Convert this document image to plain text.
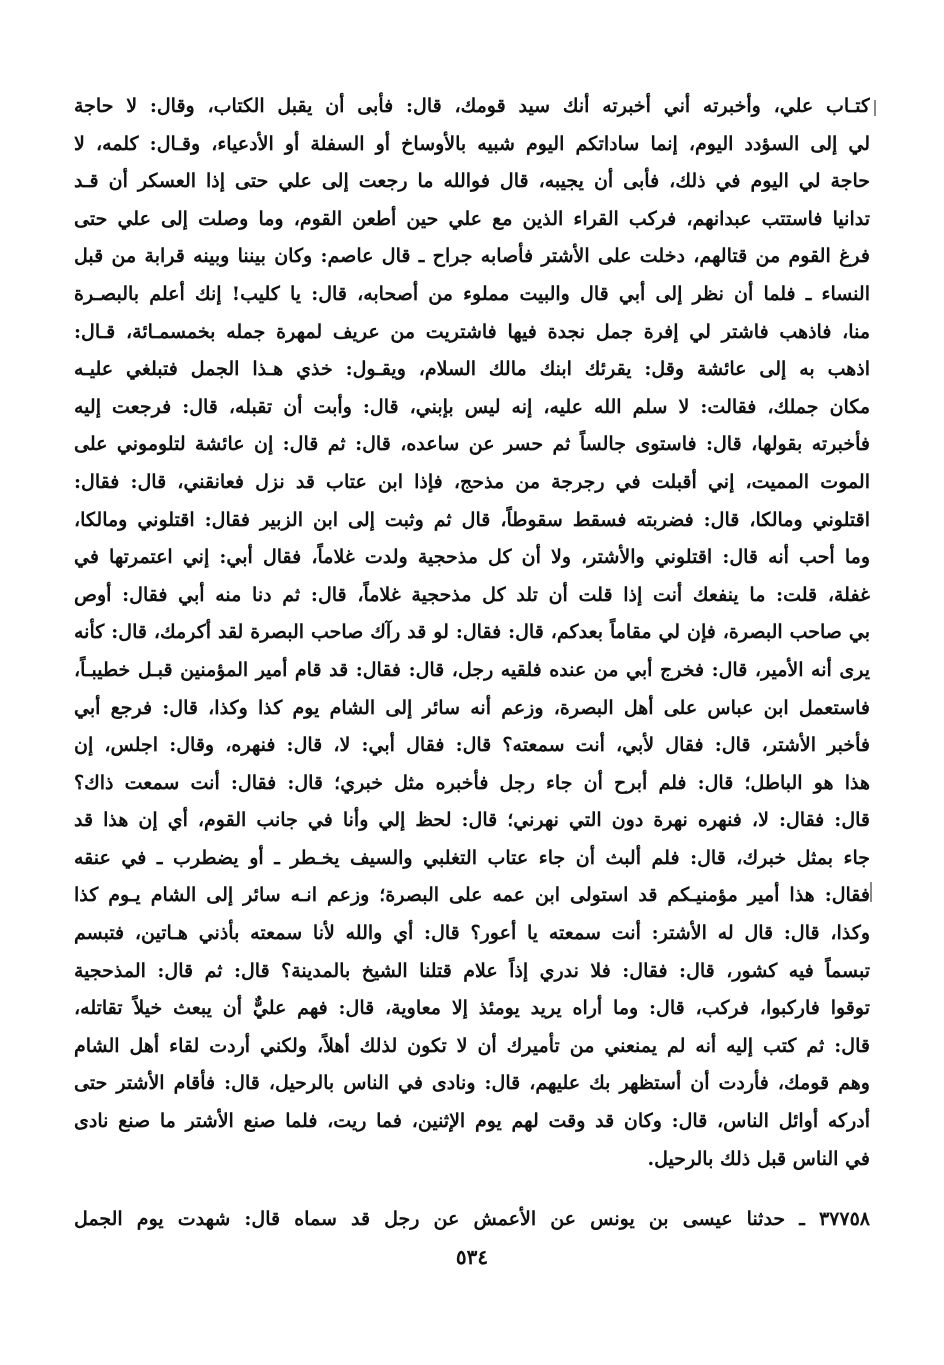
كتـاب علي، وأخبرته أني أخبرته أنك سيد قومك، قال: فأبى أن يقبل الكتاب، وقال: لا حاجة
لي إلى السؤدد اليوم، إنما ساداتكم اليوم شبيه بالأوساخ أو السفلة أو الأدعياء، وقـال: كلمه، لا
حاجة لي اليوم في ذلك، فأبى أن يجيبه، قال فوالله ما رجعت إلى علي حتى إذا العسكر أن قـد
تدانيا فاستتب عبدانهم، فركب القراء الذين مع علي حين أطعن القوم، وما وصلت إلى علي حتى
فرغ القوم من قتالهم، دخلت على الأشتر فأصابه جراح ـ قال عاصم: وكان بيننا وبينه قرابة من قبل
النساء ـ فلما أن نظر إلى أبي قال والبيت مملوء من أصحابه، قال: يا كليب! إنك أعلم بالبصـرة
منا، فاذهب فاشتر لي إفرة جمل نجدة فيها فاشتريت من عريف لمهرة جمله بخمسمـائة، قـال:
اذهب به إلى عائشة وقل: يقرئك ابنك مالك السلام، ويقـول: خذي هـذا الجمل فتبلغي عليـه
مكان جملك، فقالت: لا سلم الله عليه، إنه ليس بإبني، قال: وأبت أن تقبله، قال: فرجعت إليه
فأخبرته بقولها، قال: فاستوى جالساً ثم حسر عن ساعده، قال: ثم قال: إن عائشة لتلوموني على
الموت المميت، إني أقبلت في رجرجة من مذحج، فإذا ابن عتاب قد نزل فعانقني، قال: فقال:
اقتلوني ومالكا، قال: فضربته فسقط سقوطاً، قال ثم وثبت إلى ابن الزبير فقال: اقتلوني ومالكا،
وما أحب أنه قال: اقتلوني والأشتر، ولا أن كل مذحجية ولدت غلاماً، فقال أبي: إني اعتمرتها في
غفلة، قلت: ما ينفعك أنت إذا قلت أن تلد كل مذحجية غلاماً، قال: ثم دنا منه أبي فقال: أوص
بي صاحب البصرة، فإن لي مقاماً بعدكم، قال: فقال: لو قد رآك صاحب البصرة لقد أكرمك، قال: كأنه
يرى أنه الأمير، قال: فخرج أبي من عنده فلقيه رجل، قال: فقال: قد قام أمير المؤمنين قبـل خطيبـاً،
فاستعمل ابن عباس على أهل البصرة، وزعم أنه سائر إلى الشام يوم كذا وكذا، قال: فرجع أبي
فأخبر الأشتر، قال: فقال لأبي، أنت سمعته؟ قال: فقال أبي: لا، قال: فنهره، وقال: اجلس، إن
هذا هو الباطل؛ قال: فلم أبرح أن جاء رجل فأخبره مثل خبري؛ قال: فقال: أنت سمعت ذاك؟
قال: فقال: لا، فنهره نهرة دون التي نهرني؛ قال: لحظ إلي وأنا في جانب القوم، أي إن هذا قد
جاء بمثل خبرك، قال: فلم ألبث أن جاء عتاب التغلبي والسيف يخـطر ـ أو يضطرب ـ في عنقه
فقال: هذا أمير مؤمنيـكم قد استولى ابن عمه على البصرة؛ وزعم انـه سائر إلى الشام يـوم كذا
وكذا، قال: قال له الأشتر: أنت سمعته يا أعور؟ قال: أي والله لأنا سمعته بأذني هـاتين، فتبسم
تبسماً فيه كشور، قال: فقال: فلا ندري إذاً علام قتلنا الشيخ بالمدينة؟ قال: ثم قال: المذحجية
توقوا فاركبوا، فركب، قال: وما أراه يريد يومئذ إلا معاوية، قال: فهم عليٌّ أن يبعث خيلاً تقاتله،
قال: ثم كتب إليه أنه لم يمنعني من تأميرك أن لا تكون لذلك أهلاً، ولكني أردت لقاء أهل الشام
وهم قومك، فأردت أن أستظهر بك عليهم، قال: ونادى في الناس بالرحيل، قال: فأقام الأشتر حتى
أدركه أوائل الناس، قال: وكان قد وقت لهم يوم الإثنين، فما ريت، فلما صنع الأشتر ما صنع نادى
في الناس قبل ذلك بالرحيل.
٣٧٧٥٨ ـ حدثنا عيسى بن يونس عن الأعمش عن رجل قد سماه قال: شهدت يوم الجمل
٥٣٤
